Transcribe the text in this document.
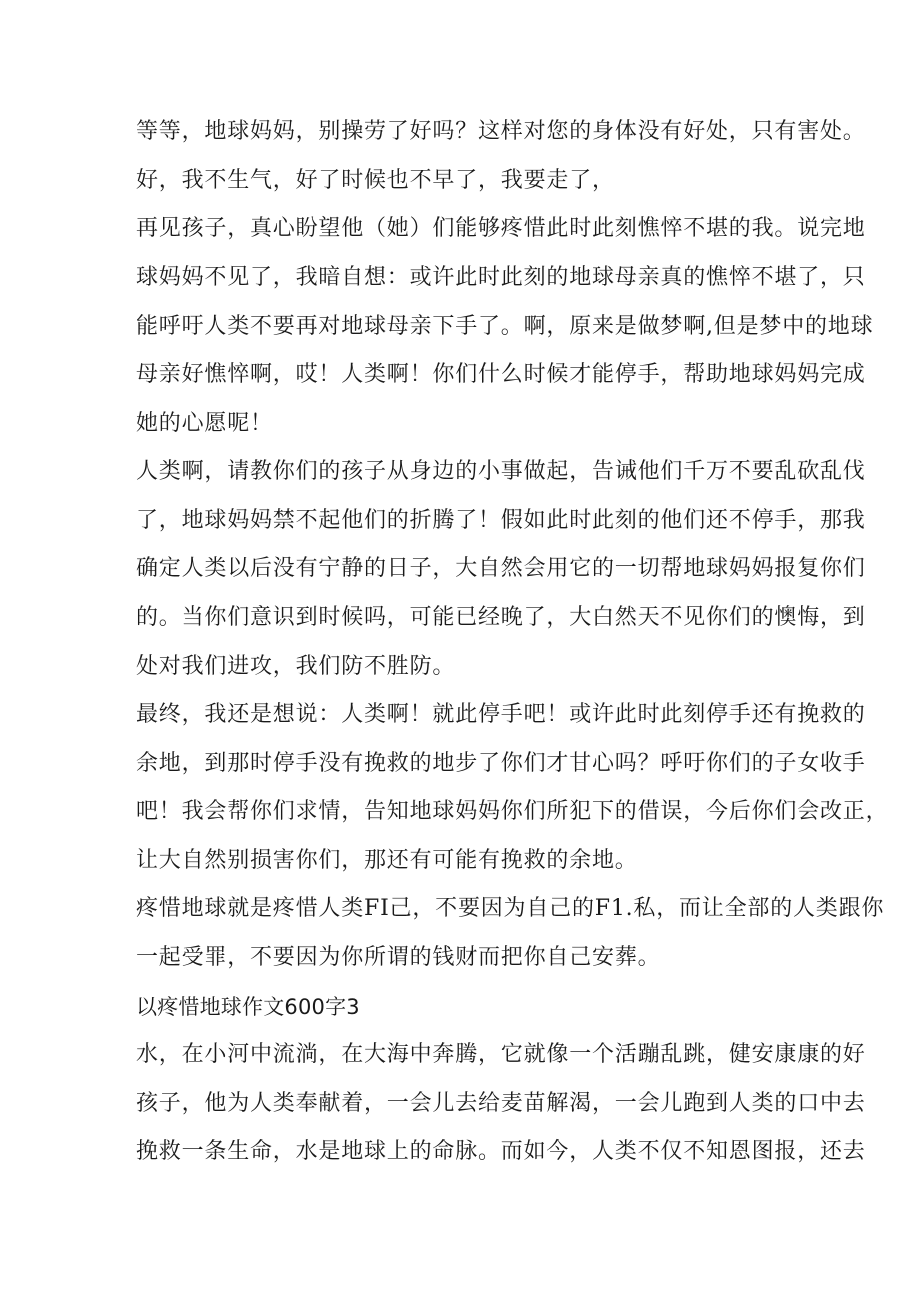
等等，地球妈妈，别操劳了好吗？这样对您的身体没有好处，只有害处。
好，我不生气，好了时候也不早了，我要走了，
再见孩子，真心盼望他（她）们能够疼惜此时此刻憔悴不堪的我。说完地
球妈妈不见了，我暗自想：或许此时此刻的地球母亲真的憔悴不堪了，只
能呼吁人类不要再对地球母亲下手了。啊，原来是做梦啊,但是梦中的地球
母亲好憔悴啊，哎！人类啊！你们什么时候才能停手，帮助地球妈妈完成
她的心愿呢！
人类啊，请教你们的孩子从身边的小事做起，告诫他们千万不要乱砍乱伐
了，地球妈妈禁不起他们的折腾了！假如此时此刻的他们还不停手，那我
确定人类以后没有宁静的日子，大自然会用它的一切帮地球妈妈报复你们
的。当你们意识到时候吗，可能已经晚了，大白然天不见你们的懊悔，到
处对我们进攻，我们防不胜防。
最终，我还是想说：人类啊！就此停手吧！或许此时此刻停手还有挽救的
余地，到那时停手没有挽救的地步了你们才甘心吗？呼吁你们的子女收手
吧！我会帮你们求情，告知地球妈妈你们所犯下的借误，今后你们会改正，
让大自然别损害你们，那还有可能有挽救的余地。
疼惜地球就是疼惜人类FI己，不要因为自己的F1.私，而让全部的人类跟你
一起受罪，不要因为你所谓的钱财而把你自己安葬。
以疼惜地球作文600字3
水，在小河中流淌，在大海中奔腾，它就像一个活蹦乱跳，健安康康的好
孩子，他为人类奉献着，一会儿去给麦苗解渴，一会儿跑到人类的口中去
挽救一条生命，水是地球上的命脉。而如今，人类不仅不知恩图报，还去
